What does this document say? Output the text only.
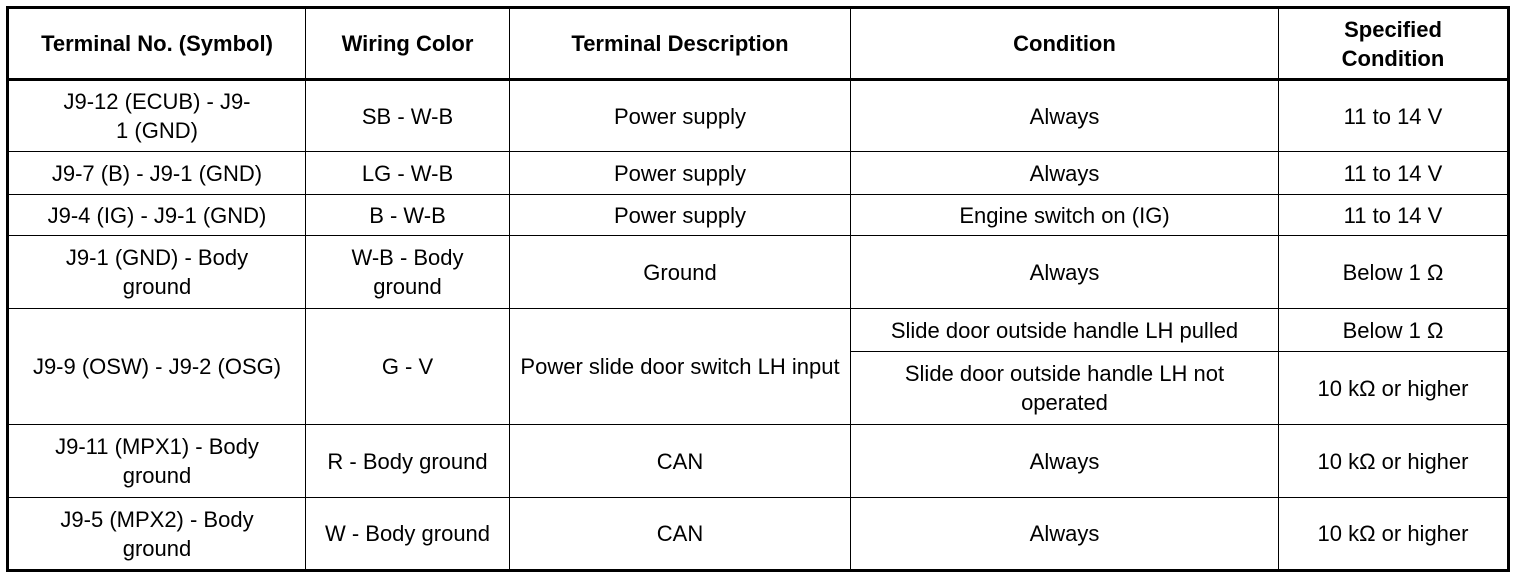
Terminal No. (Symbol)	Wiring Color	Terminal Description	Condition	Specified Condition
J9-12 (ECUB) - J9-1 (GND)	SB - W-B	Power supply	Always	11 to 14 V
J9-7 (B) - J9-1 (GND)	LG - W-B	Power supply	Always	11 to 14 V
J9-4 (IG) - J9-1 (GND)	B - W-B	Power supply	Engine switch on (IG)	11 to 14 V
J9-1 (GND) - Body ground	W-B - Body ground	Ground	Always	Below 1 Ω
J9-9 (OSW) - J9-2 (OSG)	G - V	Power slide door switch LH input	Slide door outside handle LH pulled	Below 1 Ω
			Slide door outside handle LH not operated	10 kΩ or higher
J9-11 (MPX1) - Body ground	R - Body ground	CAN	Always	10 kΩ or higher
J9-5 (MPX2) - Body ground	W - Body ground	CAN	Always	10 kΩ or higher
